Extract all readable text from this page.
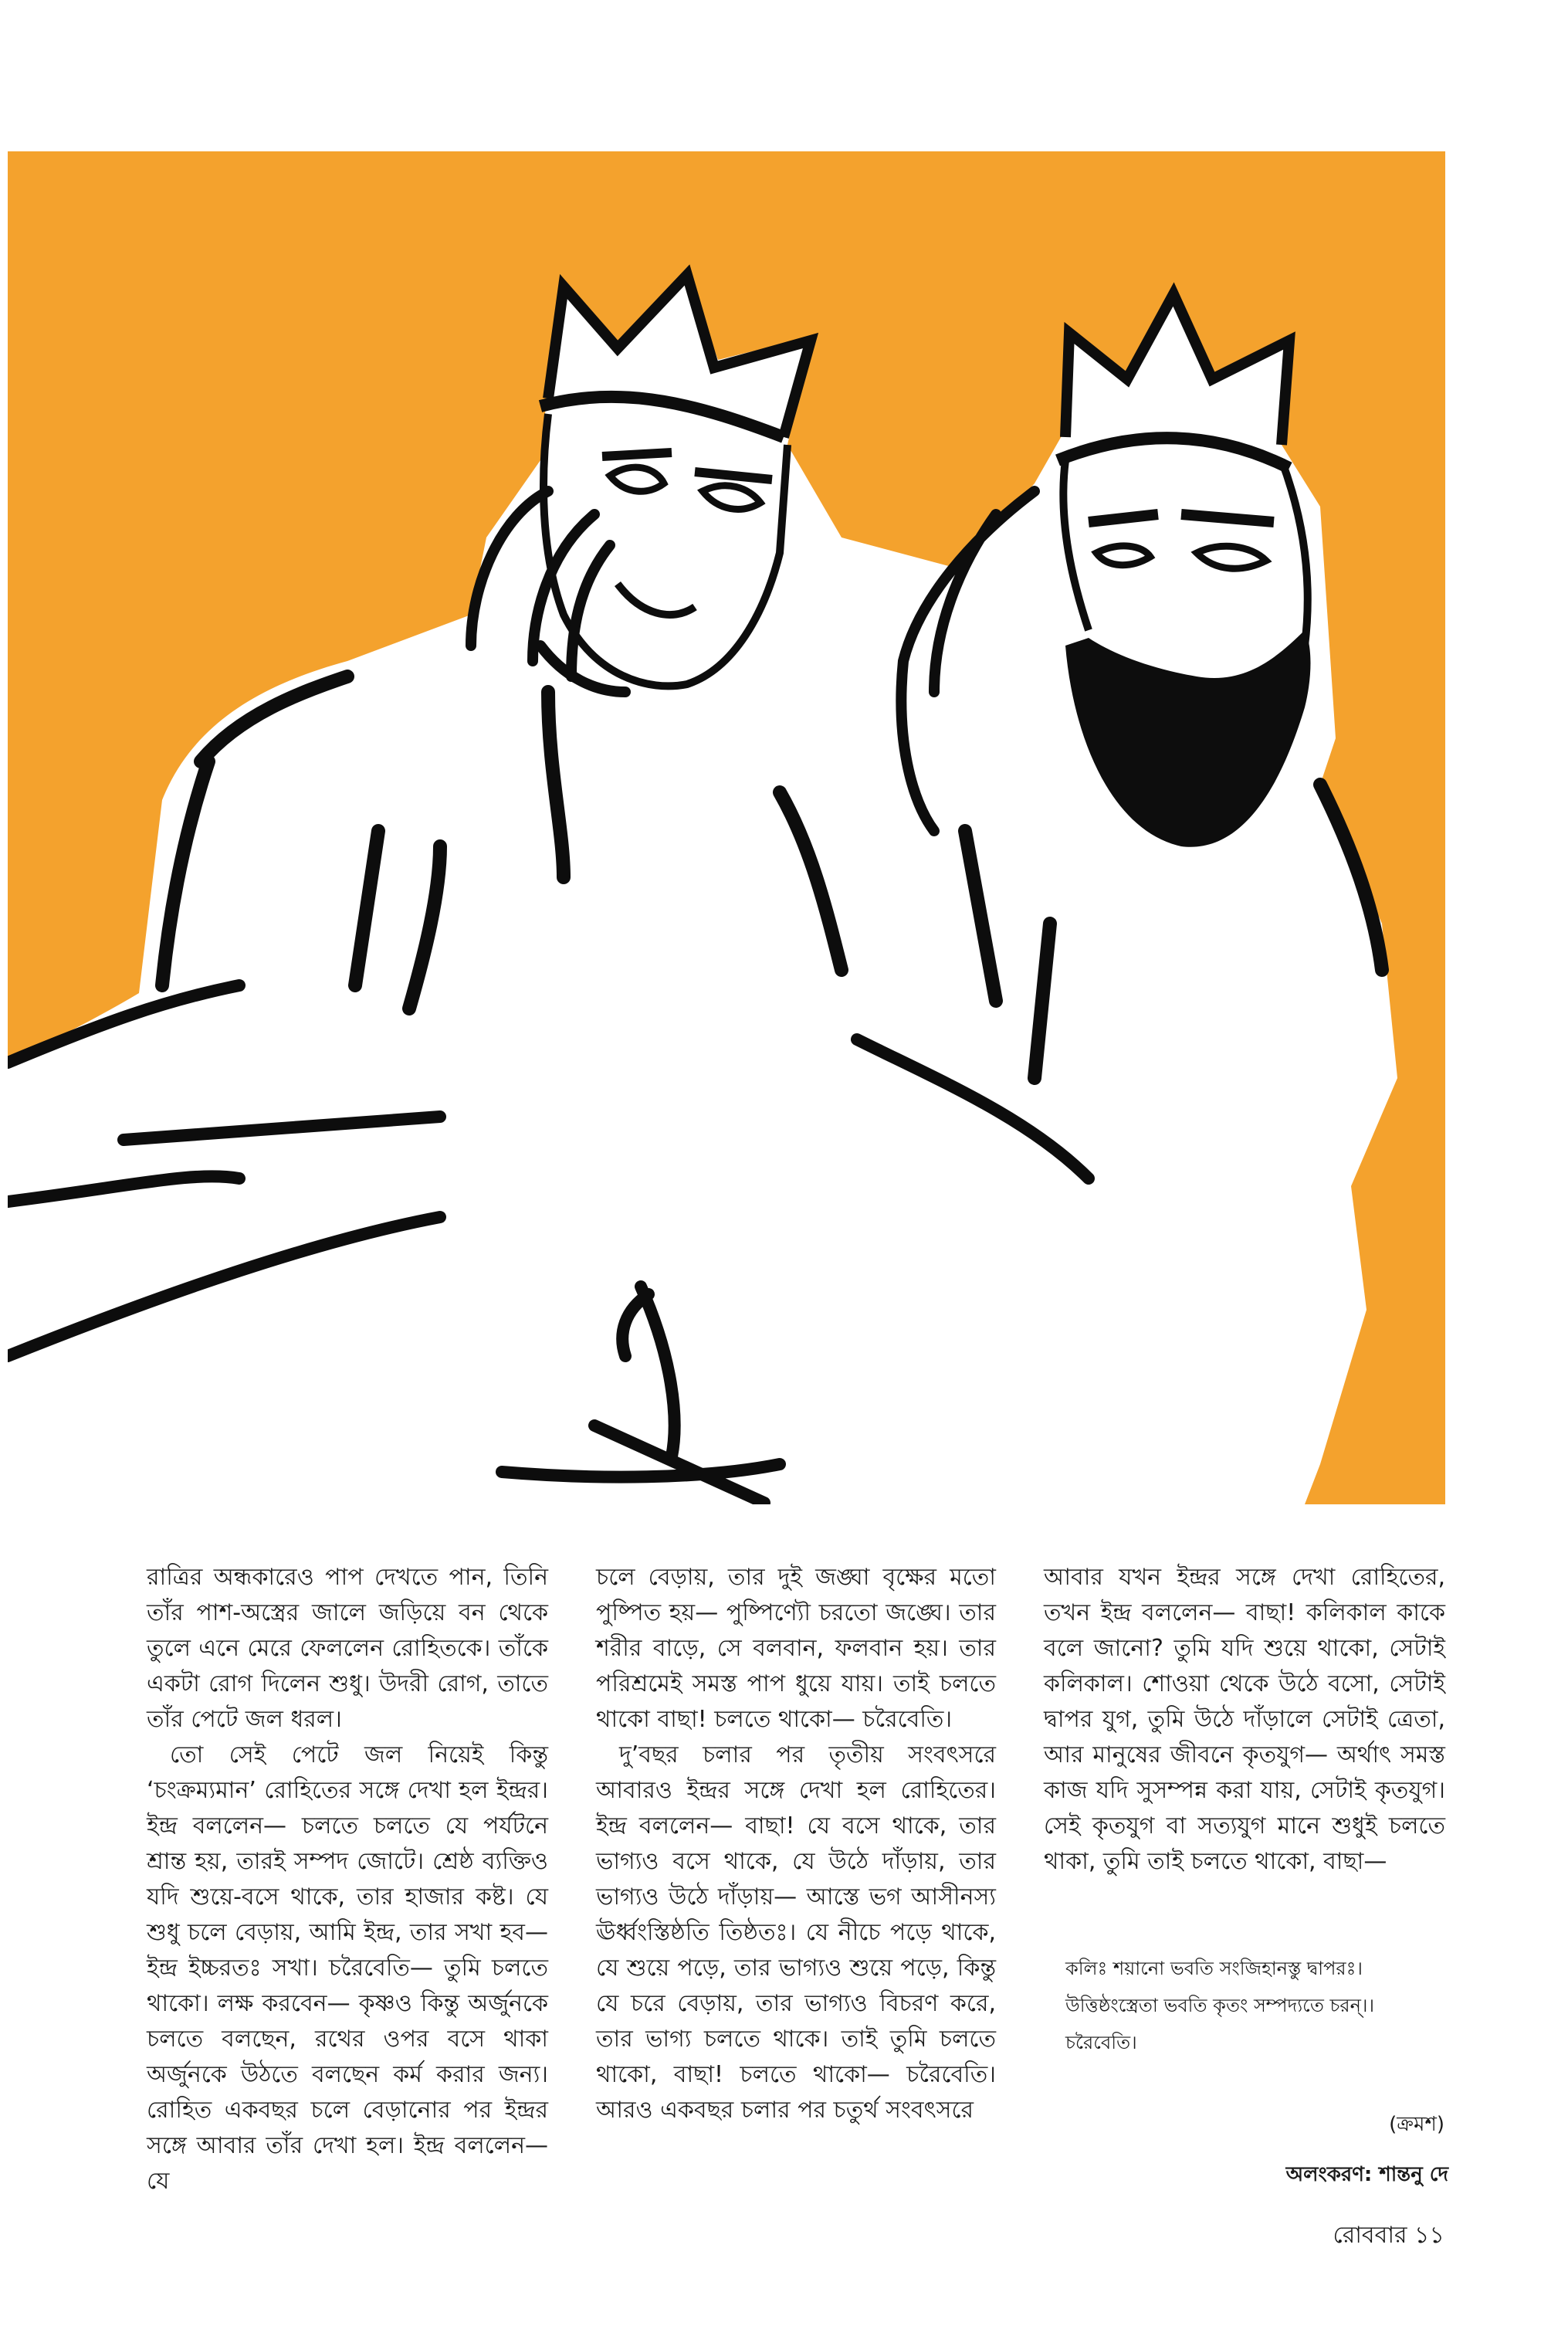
রাত্রির অন্ধকারেও পাপ দেখতে পান, তিনি তাঁর পাশ-অস্ত্রের জালে জড়িয়ে বন থেকে তুলে এনে মেরে ফেললেন রোহিতকে। তাঁকে একটা রোগ দিলেন শুধু। উদরী রোগ, তাতে তাঁর পেটে জল ধরল।

তো সেই পেটে জল নিয়েই কিন্তু ‘চংক্রম্যমান’ রোহিতের সঙ্গে দেখা হল ইন্দ্রর। ইন্দ্র বললেন— চলতে চলতে যে পর্যটনে শ্রান্ত হয়, তারই সম্পদ জোটে। শ্রেষ্ঠ ব্যক্তিও যদি শুয়ে-বসে থাকে, তার হাজার কষ্ট। যে শুধু চলে বেড়ায়, আমি ইন্দ্র, তার সখা হব— ইন্দ্র ইচ্চরতঃ সখা। চরৈবেতি— তুমি চলতে থাকো। লক্ষ করবেন— কৃষ্ণও কিন্তু অর্জুনকে চলতে বলছেন, রথের ওপর বসে থাকা অর্জুনকে উঠতে বলছেন কর্ম করার জন্য। রোহিত একবছর চলে বেড়ানোর পর ইন্দ্রর সঙ্গে আবার তাঁর দেখা হল। ইন্দ্র বললেন— যে

চলে বেড়ায়, তার দুই জঙ্ঘা বৃক্ষের মতো পুষ্পিত হয়— পুষ্পিণ্যৌ চরতো জঙ্ঘে। তার শরীর বাড়ে, সে বলবান, ফলবান হয়। তার পরিশ্রমেই সমস্ত পাপ ধুয়ে যায়। তাই চলতে থাকো বাছা! চলতে থাকো— চরৈবেতি।

দু’বছর চলার পর তৃতীয় সংবৎসরে আবারও ইন্দ্রর সঙ্গে দেখা হল রোহিতের। ইন্দ্র বললেন— বাছা! যে বসে থাকে, তার ভাগ্যও বসে থাকে, যে উঠে দাঁড়ায়, তার ভাগ্যও উঠে দাঁড়ায়— আস্তে ভগ আসীনস্য ঊর্ধ্বংস্তিষ্ঠতি তিষ্ঠতঃ। যে নীচে পড়ে থাকে, যে শুয়ে পড়ে, তার ভাগ্যও শুয়ে পড়ে, কিন্তু যে চরে বেড়ায়, তার ভাগ্যও বিচরণ করে, তার ভাগ্য চলতে থাকে। তাই তুমি চলতে থাকো, বাছা! চলতে থাকো— চরৈবেতি। আরও একবছর চলার পর চতুর্থ সংবৎসরে

আবার যখন ইন্দ্রর সঙ্গে দেখা রোহিতের, তখন ইন্দ্র বললেন— বাছা! কলিকাল কাকে বলে জানো? তুমি যদি শুয়ে থাকো, সেটাই কলিকাল। শোওয়া থেকে উঠে বসো, সেটাই দ্বাপর যুগ, তুমি উঠে দাঁড়ালে সেটাই ত্রেতা, আর মানুষের জীবনে কৃতযুগ— অর্থাৎ সমস্ত কাজ যদি সুসম্পন্ন করা যায়, সেটাই কৃতযুগ। সেই কৃতযুগ বা সত্যযুগ মানে শুধুই চলতে থাকা, তুমি তাই চলতে থাকো, বাছা—

কলিঃ শয়ানো ভবতি সংজিহানস্তু দ্বাপরঃ।
উত্তিষ্ঠংস্ত্রেতা ভবতি কৃতং সম্পদ্যতে চরন্।।
চরৈবেতি।
(ক্রমশ)
অলংকরণ: শান্তনু দে
রোববার ১১
